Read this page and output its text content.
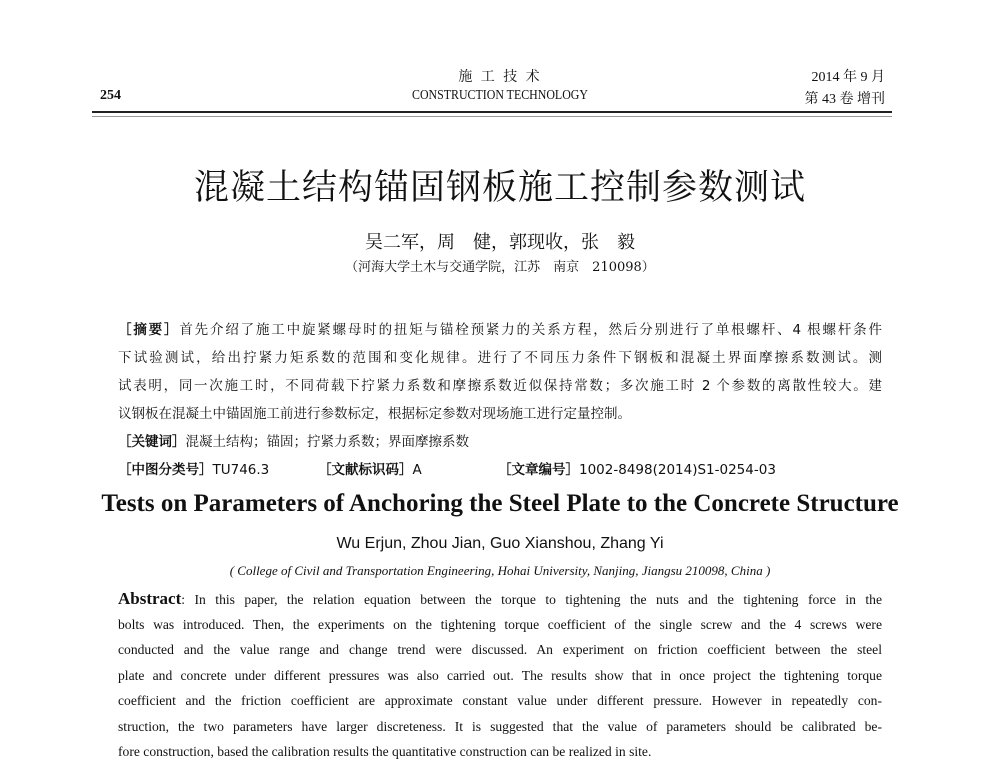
254
施 工 技 术
CONSTRUCTION TECHNOLOGY
2014 年 9 月
第 43 卷 增刊
混凝土结构锚固钢板施工控制参数测试
吴二军，周　健，郭现收，张　毅
（河海大学土木与交通学院，江苏　南京　210098）
［摘要］首先介绍了施工中旋紧螺母时的扭矩与锚栓预紧力的关系方程，然后分别进行了单根螺杆、4 根螺杆条件
下试验测试，给出拧紧力矩系数的范围和变化规律。进行了不同压力条件下钢板和混凝土界面摩擦系数测试。测
试表明，同一次施工时，不同荷载下拧紧力系数和摩擦系数近似保持常数；多次施工时 2 个参数的离散性较大。建
议钢板在混凝土中锚固施工前进行参数标定，根据标定参数对现场施工进行定量控制。
［关键词］混凝土结构；锚固；拧紧力系数；界面摩擦系数
［中图分类号］TU746.3	［文献标识码］A	［文章编号］1002-8498(2014)S1-0254-03
Tests on Parameters of Anchoring the Steel Plate to the Concrete Structure
Wu Erjun, Zhou Jian, Guo Xianshou, Zhang Yi
( College of Civil and Transportation Engineering, Hohai University, Nanjing, Jiangsu 210098, China )
Abstract: In this paper, the relation equation between the torque to tightening the nuts and the tightening force in the
bolts was introduced. Then, the experiments on the tightening torque coefficient of the single screw and the 4 screws were
conducted and the value range and change trend were discussed. An experiment on friction coefficient between the steel
plate and concrete under different pressures was also carried out. The results show that in once project the tightening torque
coefficient and the friction coefficient are approximate constant value under different pressure. However in repeatedly con-
struction, the two parameters have larger discreteness. It is suggested that the value of parameters should be calibrated be-
fore construction, based the calibration results the quantitative construction can be realized in site.
